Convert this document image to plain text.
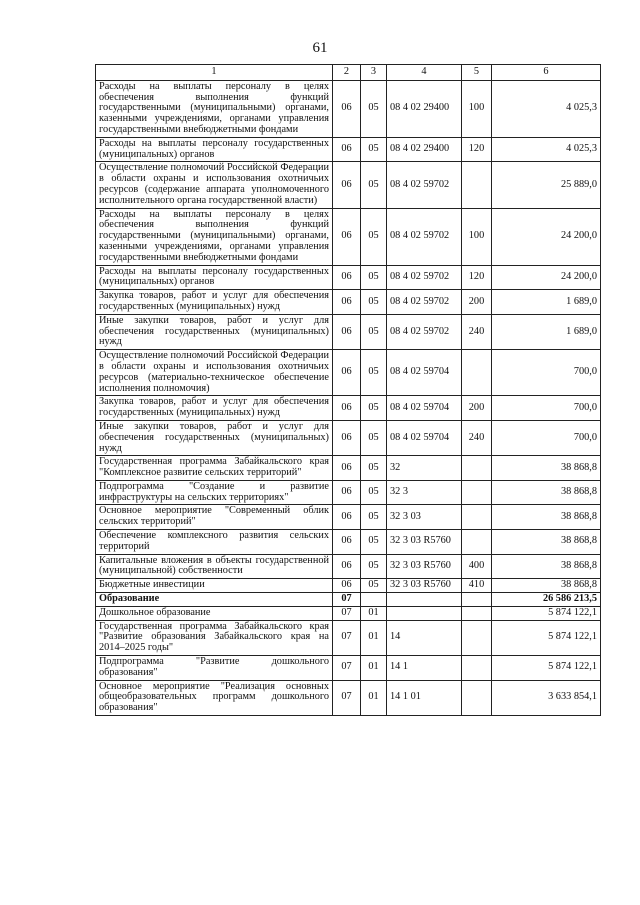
61
1	2	3	4	5	6
Расходы на выплаты персоналу в целях обеспечения выполнения функций государственными (муниципальными) органами, казенными учреждениями, органами управления государственными внебюджетными фондами	06	05	08 4 02 29400	100	4 025,3
Расходы на выплаты персоналу государственных (муниципальных) органов	06	05	08 4 02 29400	120	4 025,3
Осуществление полномочий Российской Федерации в области охраны и использования охотничьих ресурсов (содержание аппарата уполномоченного исполнительного органа государственной власти)	06	05	08 4 02 59702		25 889,0
Расходы на выплаты персоналу в целях обеспечения выполнения функций государственными (муниципальными) органами, казенными учреждениями, органами управления государственными внебюджетными фондами	06	05	08 4 02 59702	100	24 200,0
Расходы на выплаты персоналу государственных (муниципальных) органов	06	05	08 4 02 59702	120	24 200,0
Закупка товаров, работ и услуг для обеспечения государственных (муниципальных) нужд	06	05	08 4 02 59702	200	1 689,0
Иные закупки товаров, работ и услуг для обеспечения государственных (муниципальных) нужд	06	05	08 4 02 59702	240	1 689,0
Осуществление полномочий Российской Федерации в области охраны и использования охотничьих ресурсов (материально-техническое обеспечение исполнения полномочия)	06	05	08 4 02 59704		700,0
Закупка товаров, работ и услуг для обеспечения государственных (муниципальных) нужд	06	05	08 4 02 59704	200	700,0
Иные закупки товаров, работ и услуг для обеспечения государственных (муниципальных) нужд	06	05	08 4 02 59704	240	700,0
Государственная программа Забайкальского края "Комплексное развитие сельских территорий"	06	05	32		38 868,8
Подпрограмма "Создание и развитие инфраструктуры на сельских территориях"	06	05	32 3		38 868,8
Основное мероприятие "Современный облик сельских территорий"	06	05	32 3 03		38 868,8
Обеспечение комплексного развития сельских территорий	06	05	32 3 03 R5760		38 868,8
Капитальные вложения в объекты государственной (муниципальной) собственности	06	05	32 3 03 R5760	400	38 868,8
Бюджетные инвестиции	06	05	32 3 03 R5760	410	38 868,8
Образование	07				26 586 213,5
Дошкольное образование	07	01			5 874 122,1
Государственная программа Забайкальского края "Развитие образования Забайкальского края на 2014–2025 годы"	07	01	14		5 874 122,1
Подпрограмма "Развитие дошкольного образования"	07	01	14 1		5 874 122,1
Основное мероприятие "Реализация основных общеобразовательных программ дошкольного образования"	07	01	14 1 01		3 633 854,1
